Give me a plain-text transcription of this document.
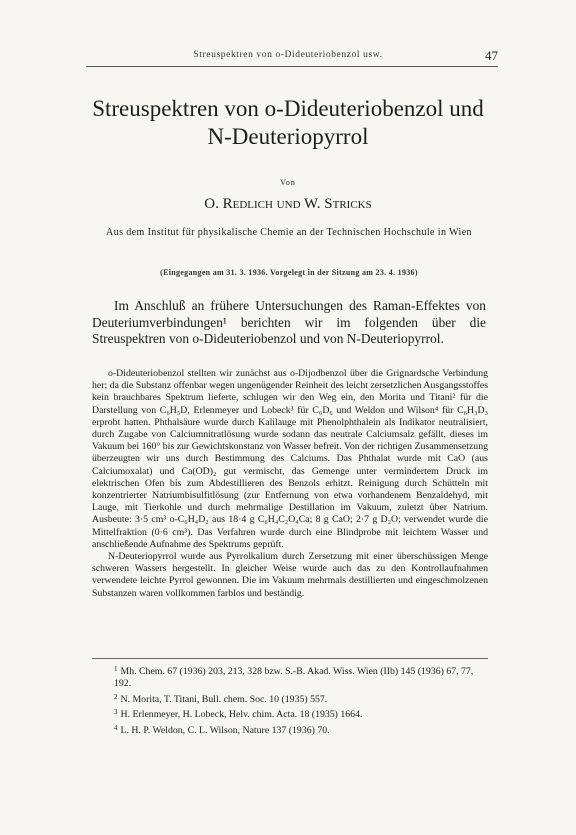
Streuspektren von o-Dideuteriobenzol usw.	47
Streuspektren von o-Dideuteriobenzol und
N-Deuteriopyrrol
Von
O. Redlich und W. Stricks
Aus dem Institut für physikalische Chemie an der Technischen Hochschule in Wien
(Eingegangen am 31. 3. 1936. Vorgelegt in der Sitzung am 23. 4. 1936)
Im Anschluß an frühere Untersuchungen des Raman-Effektes von Deuteriumverbindungen¹ berichten wir im folgenden über die Streuspektren von o-Dideuteriobenzol und von N-Deuteriopyrrol.

o-Dideuteriobenzol stellten wir zunächst aus o-Dijodbenzol über die Grignardsche Verbindung her; da die Substanz offenbar wegen ungenügender Reinheit des leicht zersetzlichen Ausgangsstoffes kein brauchbares Spektrum lieferte, schlugen wir den Weg ein, den Morita und Titani² für die Darstellung von C₆H₅D, Erlenmeyer und Lobeck³ für C₆D₆ und Weldon und Wilson⁴ für C₆H₃D₃ erprobt hatten. Phthalsäure wurde durch Kalilauge mit Phenolphthalein als Indikator neutralisiert, durch Zugabe von Calciumnitratlösung wurde sodann das neutrale Calciumsalz gefällt, dieses im Vakuum bei 160° bis zur Gewichtskonstanz von Wasser befreit. Von der richtigen Zusammensetzung überzeugten wir uns durch Bestimmung des Calciums. Das Phthalat wurde mit CaO (aus Calciumoxalat) und Ca(OD)₂ gut vermischt, das Gemenge unter vermindertem Druck im elektrischen Ofen bis zum Abdestillieren des Benzols erhitzt. Reinigung durch Schütteln mit konzentrierter Natriumbisulfitlösung (zur Entfernung von etwa vorhandenem Benzaldehyd, mit Lauge, mit Tierkohle und durch mehrmalige Destillation im Vakuum, zuletzt über Natrium. Ausbeute: 3·5 cm³ o-C₆H₄D₂ aus 18·4 g C₆H₄C₂O₄Ca; 8 g CaO; 2·7 g D₂O; verwendet wurde die Mittelfraktion (0·6 cm³). Das Verfahren wurde durch eine Blindprobe mit leichtem Wasser und anschließende Aufnahme des Spektrums geprüft.

N-Deuteriopyrrol wurde aus Pyrrolkalium durch Zersetzung mit einer überschüssigen Menge schweren Wassers hergestellt. In gleicher Weise wurde auch das zu den Kontrollaufnahmen verwendete leichte Pyrrol gewonnen. Die im Vakuum mehrmals destillierten und eingeschmolzenen Substanzen waren vollkommen farblos und beständig.

$^1$ Mh. Chem. 67 (1936) 203, 213, 328 bzw. S.-B. Akad. Wiss. Wien (IIb) 145 (1936) 67, 77, 192.
$^2$ N. Morita, T. Titani, Bull. chem. Soc. 10 (1935) 557.
$^3$ H. Erlenmeyer, H. Lobeck, Helv. chim. Acta. 18 (1935) 1664.
$^4$ L. H. P. Weldon, C. L. Wilson, Nature 137 (1936) 70.
